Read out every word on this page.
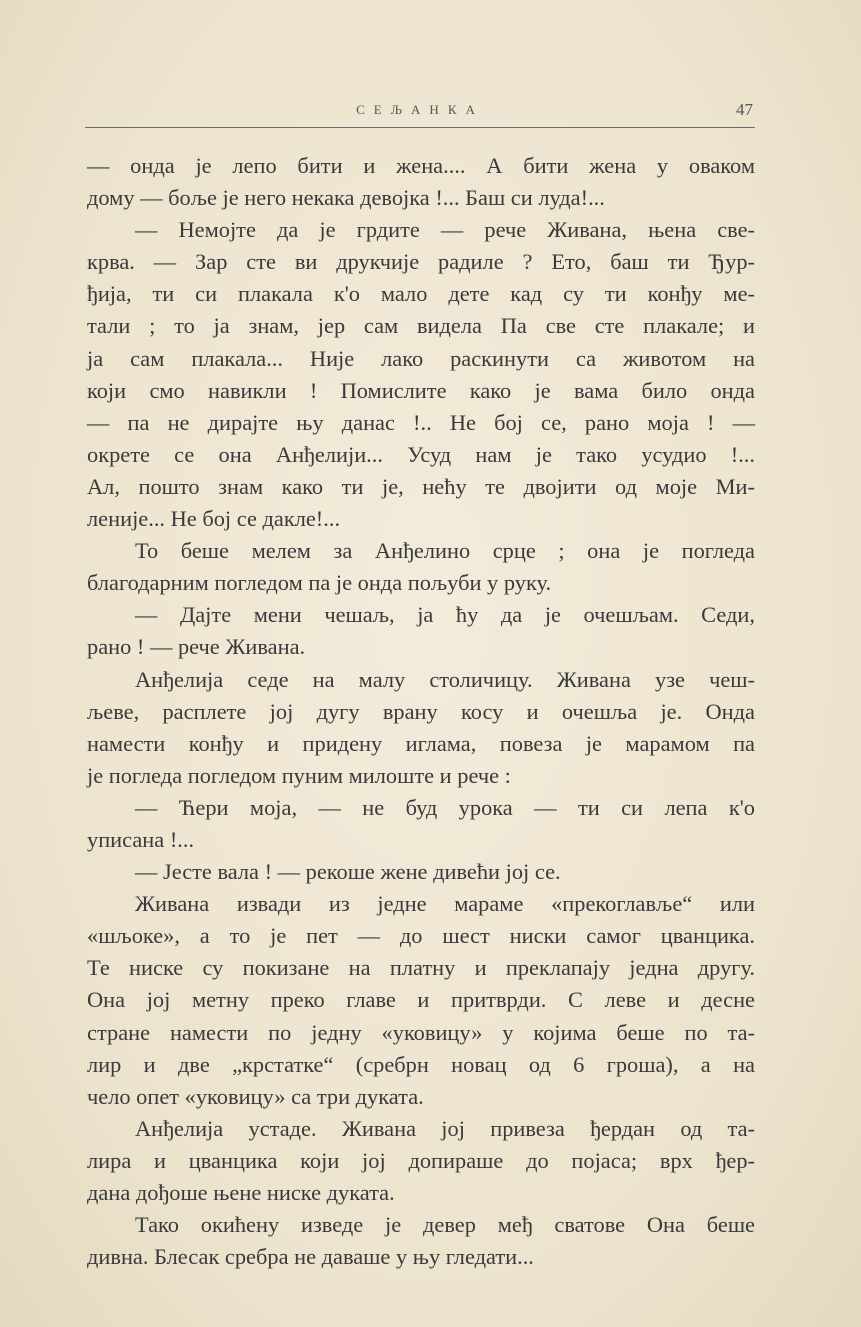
СЕЉАНКА	47
— онда је лепо бити и жена.... А бити жена у оваком
дому — боље је него некака девојка !... Баш си луда!...
— Немојте да је грдите — рече Живана, њена све-
крва. — Зар сте ви друкчије радиле ? Ето, баш ти Ђур-
ђија, ти си плакала к'о мало дете кад су ти конђу ме-
тали ; то ја знам, јер сам видела Па све сте плакале; и
ја сам плакала... Није лако раскинути са животом на
који смо навикли ! Помислите како је вама било онда
— па не дирајте њу данас !.. Не бој се, рано моја ! —
окрете се она Анђелији... Усуд нам је тако усудио !...
Ал, пошто знам како ти је, нећу те двојити од моје Ми-
леније... Не бој се дакле!...
То беше мелем за Анђелино срце ; она је погледа
благодарним погледом па је онда пољуби у руку.
— Дајте мени чешаљ, ја ћу да је очешљам. Седи,
рано ! — рече Живана.
Анђелија седе на малу столичицу. Живана узе чеш-
љеве, расплете јој дугу врану косу и очешља је. Онда
намести конђу и придену иглама, повеза је марамом па
је погледа погледом пуним милоште и рече :
— Ћери моја, — не буд урока — ти си лепа к'о
уписана !...
— Јесте вала ! — рекоше жене дивећи јој се.
Живана извади из једне мараме «прекоглавље“ или
«шљоке», а то је пет — до шест ниски самог цванцика.
Те ниске су покизане на платну и преклапају једна другу.
Она јој метну преко главе и притврди. С леве и десне
стране намести по једну «уковицу» у којима беше по та-
лир и две „крстатке“ (сребрн новац од 6 гроша), а на
чело опет «уковицу» са три дуката.
Анђелија устаде. Живана јој привеза ђердан од та-
лира и цванцика који јој допираше до појаса; врх ђер-
дана дођоше њене ниске дуката.
Тако окићену изведе је девер међ сватове Она беше
дивна. Блесак сребра не даваше у њу гледати...
